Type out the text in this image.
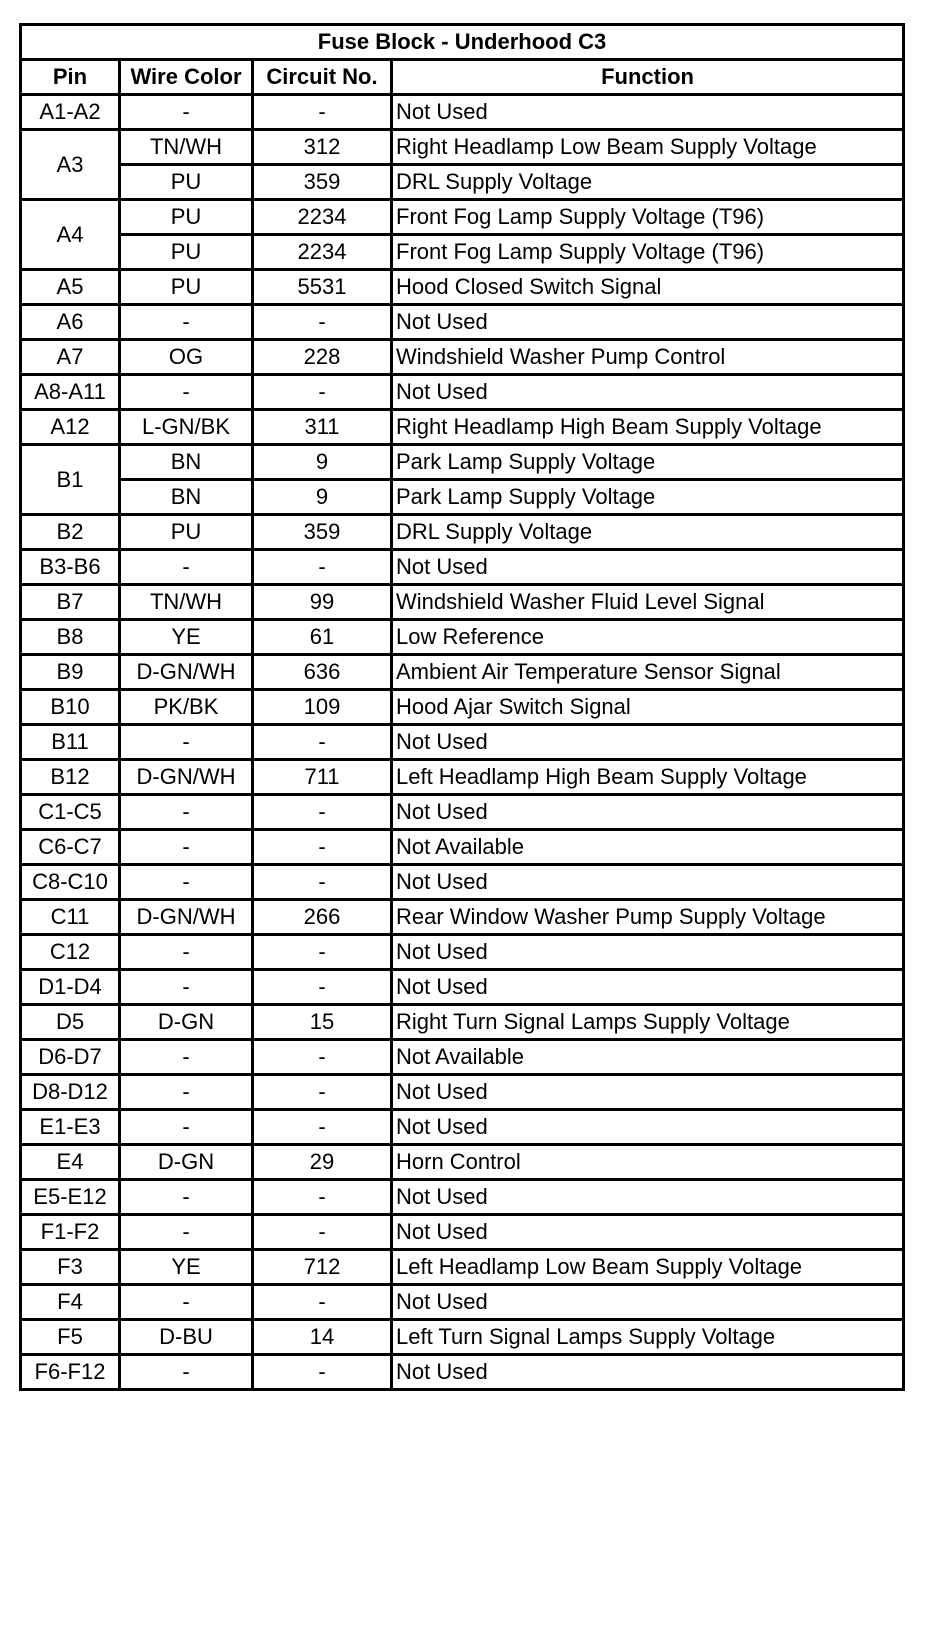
Fuse Block - Underhood C3			
Pin	Wire Color	Circuit No.	Function
A1-A2	-	-	Not Used
A3	TN/WH	312	Right Headlamp Low Beam Supply Voltage
	PU	359	DRL Supply Voltage
A4	PU	2234	Front Fog Lamp Supply Voltage (T96)
	PU	2234	Front Fog Lamp Supply Voltage (T96)
A5	PU	5531	Hood Closed Switch Signal
A6	-	-	Not Used
A7	OG	228	Windshield Washer Pump Control
A8-A11	-	-	Not Used
A12	L-GN/BK	311	Right Headlamp High Beam Supply Voltage
B1	BN	9	Park Lamp Supply Voltage
	BN	9	Park Lamp Supply Voltage
B2	PU	359	DRL Supply Voltage
B3-B6	-	-	Not Used
B7	TN/WH	99	Windshield Washer Fluid Level Signal
B8	YE	61	Low Reference
B9	D-GN/WH	636	Ambient Air Temperature Sensor Signal
B10	PK/BK	109	Hood Ajar Switch Signal
B11	-	-	Not Used
B12	D-GN/WH	711	Left Headlamp High Beam Supply Voltage
C1-C5	-	-	Not Used
C6-C7	-	-	Not Available
C8-C10	-	-	Not Used
C11	D-GN/WH	266	Rear Window Washer Pump Supply Voltage
C12	-	-	Not Used
D1-D4	-	-	Not Used
D5	D-GN	15	Right Turn Signal Lamps Supply Voltage
D6-D7	-	-	Not Available
D8-D12	-	-	Not Used
E1-E3	-	-	Not Used
E4	D-GN	29	Horn Control
E5-E12	-	-	Not Used
F1-F2	-	-	Not Used
F3	YE	712	Left Headlamp Low Beam Supply Voltage
F4	-	-	Not Used
F5	D-BU	14	Left Turn Signal Lamps Supply Voltage
F6-F12	-	-	Not Used
